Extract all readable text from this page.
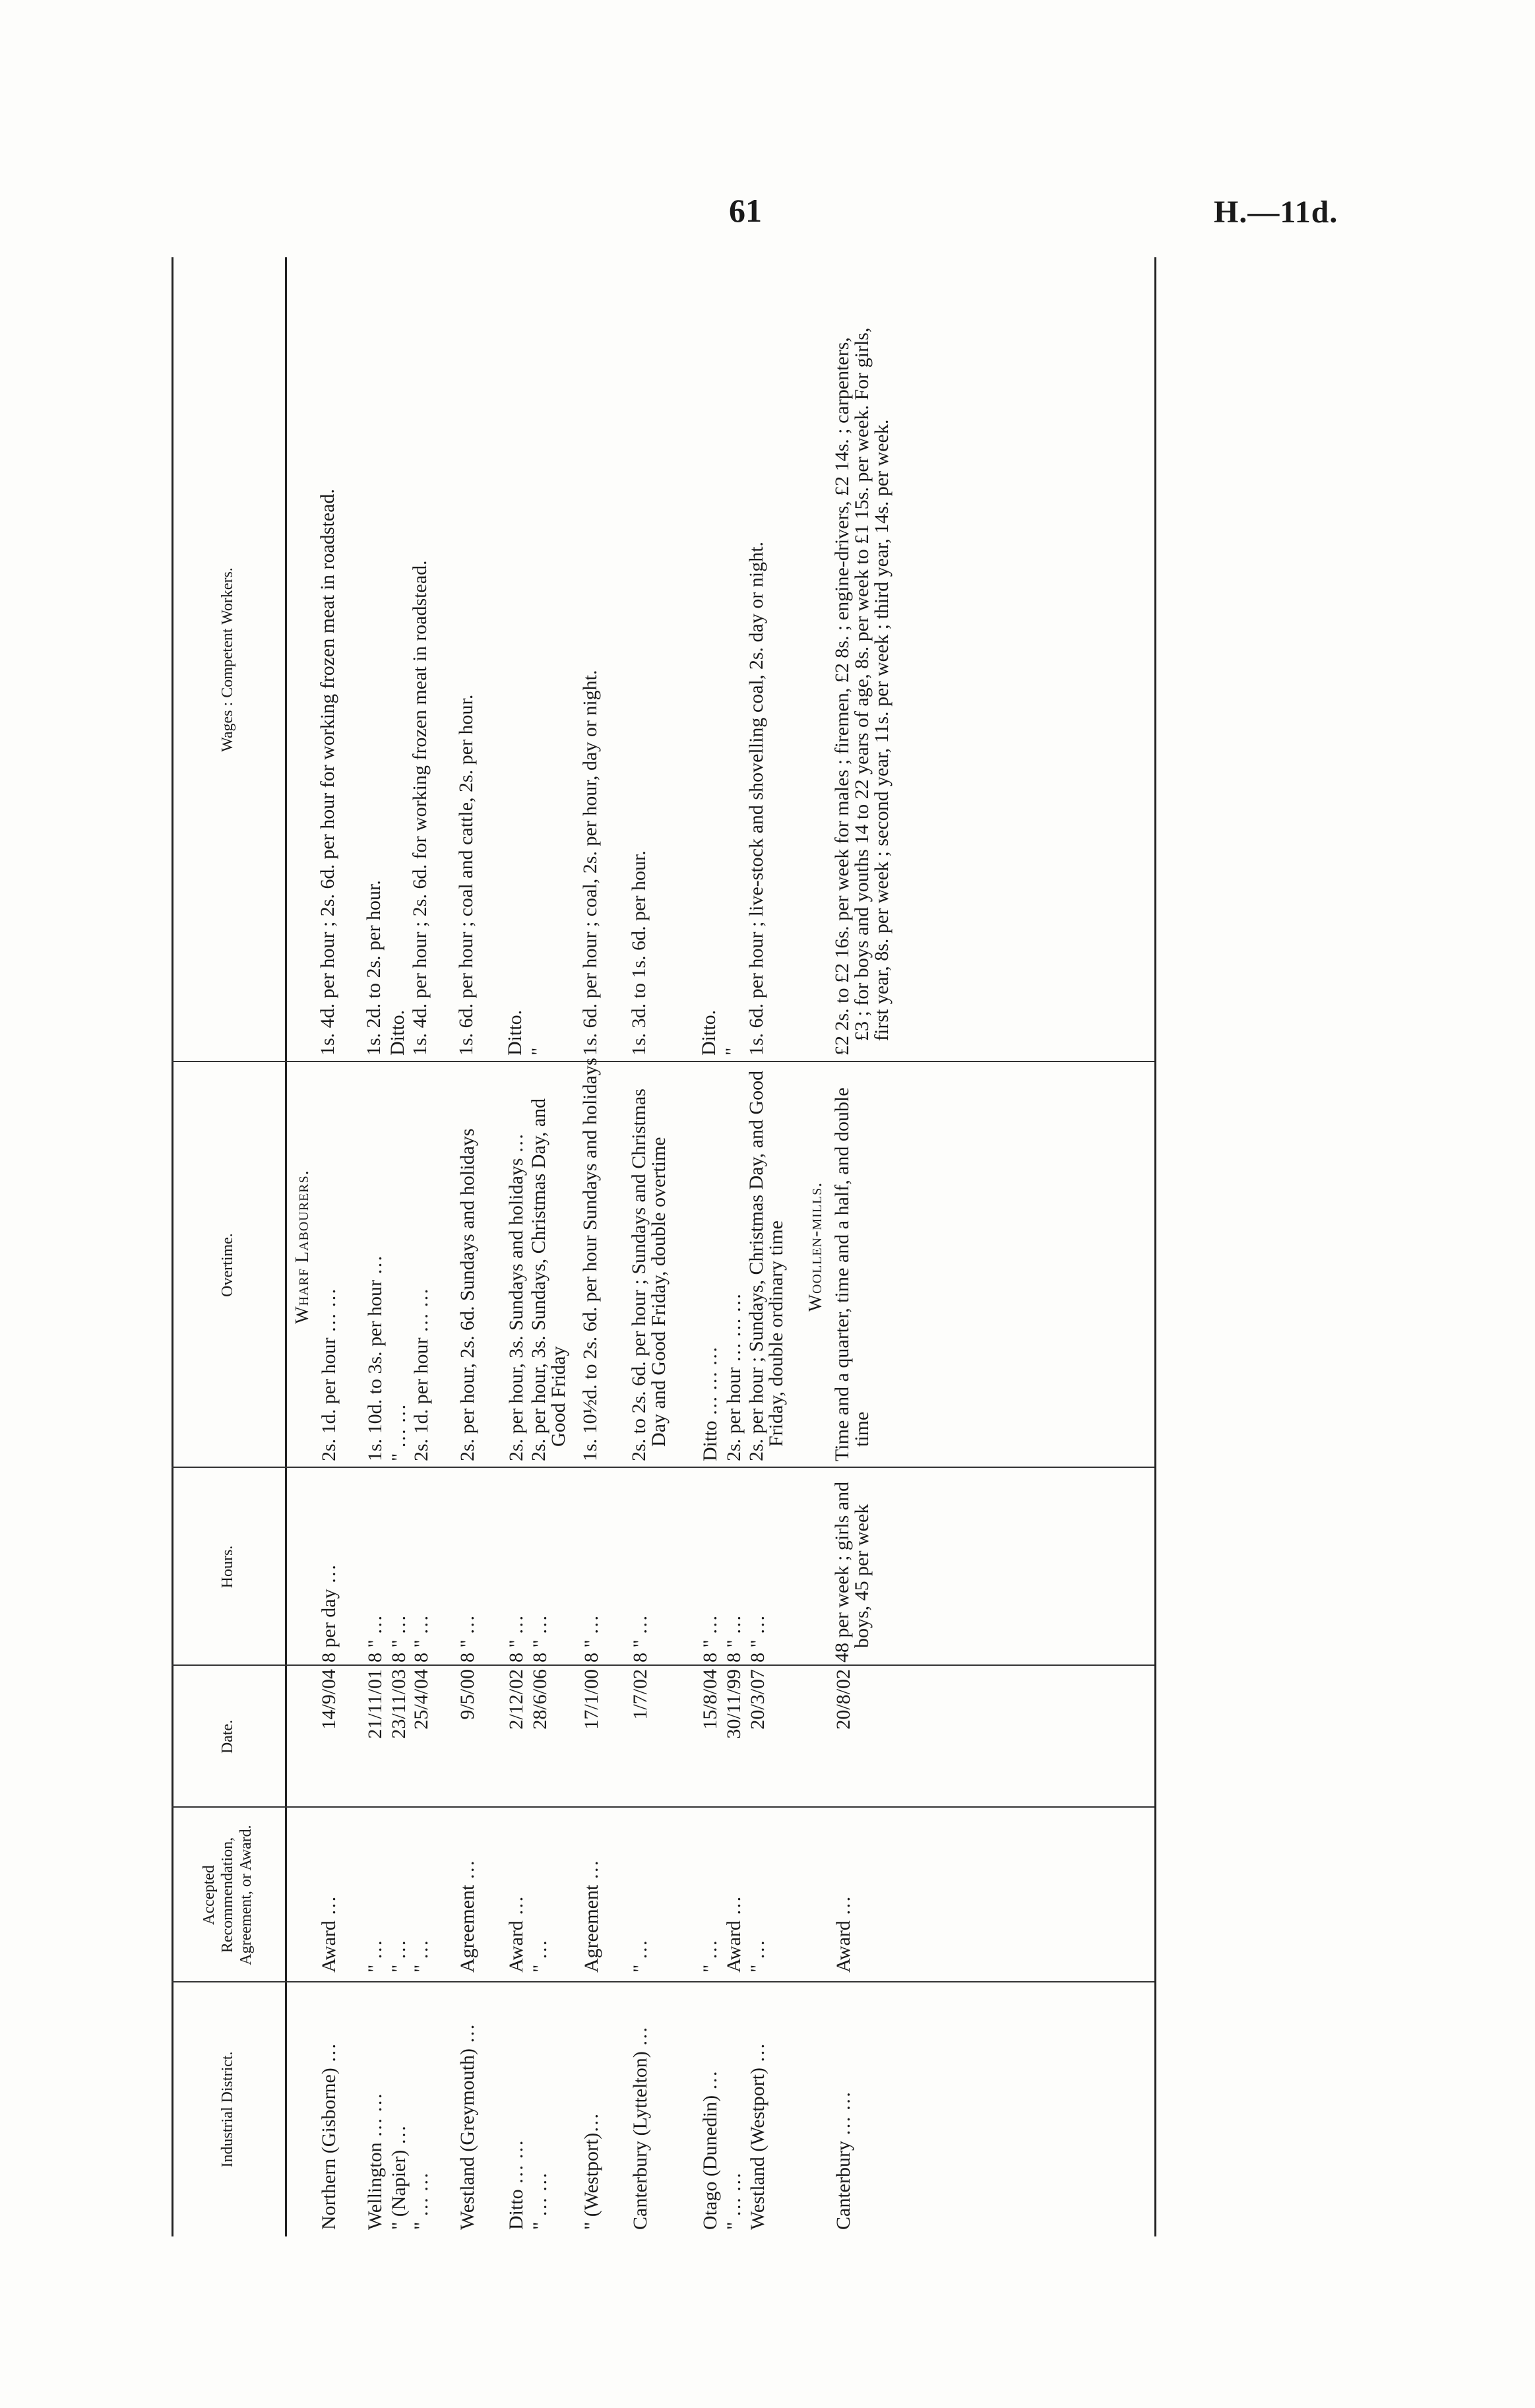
61	H.—11d.
Industrial District.
Accepted
Recommendation,
Agreement, or Award.
Date.
Hours.
Overtime.
Wages : Competent Workers.
Wharf Labourers.
Northern (Gisborne) …
Award …
14/9/04
8 per day …
2s. 1d. per hour … …
1s. 4d. per hour ; 2s. 6d. per hour for working frozen meat in roadstead.
Wellington … …
" …
21/11/01
8 " …
1s. 10d. to 3s. per hour …
1s. 2d. to 2s. per hour.
" (Napier) …
" …
23/11/03
8 " …
" … …
Ditto.
" … …
" …
25/4/04
8 " …
2s. 1d. per hour … …
1s. 4d. per hour ; 2s. 6d. for working frozen meat in roadstead.
Westland (Greymouth) …
Agreement …
9/5/00
8 " …
2s. per hour, 2s. 6d. Sundays and holidays
1s. 6d. per hour ; coal and cattle, 2s. per hour.
Ditto … …
Award …
2/12/02
8 " …
2s. per hour, 3s. Sundays and holidays …
Ditto.
" … …
" …
28/6/06
8 " …
2s. per hour, 3s. Sundays, Christmas Day, and Good Friday
"
" (Westport)…
Agreement …
17/1/00
8 " …
1s. 10½d. to 2s. 6d. per hour Sundays and holidays
1s. 6d. per hour ; coal, 2s. per hour, day or night.
Canterbury (Lyttelton) …
" …
1/7/02
8 " …
2s. to 2s. 6d. per hour ; Sundays and Christmas Day and Good Friday, double overtime
1s. 3d. to 1s. 6d. per hour.
Otago (Dunedin) …
" …
15/8/04
8 " …
Ditto … … …
Ditto.
" … …
Award …
30/11/99
8 " …
2s. per hour … … …
"
Westland (Westport) …
" …
20/3/07
8 " …
2s. per hour ; Sundays, Christmas Day, and Good Friday, double ordinary time
1s. 6d. per hour ; live-stock and shovelling coal, 2s. day or night.
Woollen-mills.
Canterbury … …
Award …
20/8/02
48 per week ; girls and boys, 45 per week
Time and a quarter, time and a half, and double time
£2 2s. to £2 16s. per week for males ; firemen, £2 8s. ; engine-drivers, £2 14s. ; carpenters, £3 ; for boys and youths 14 to 22 years of age, 8s. per week to £1 15s. per week. For girls, first year, 8s. per week ; second year, 11s. per week ; third year, 14s. per week.
